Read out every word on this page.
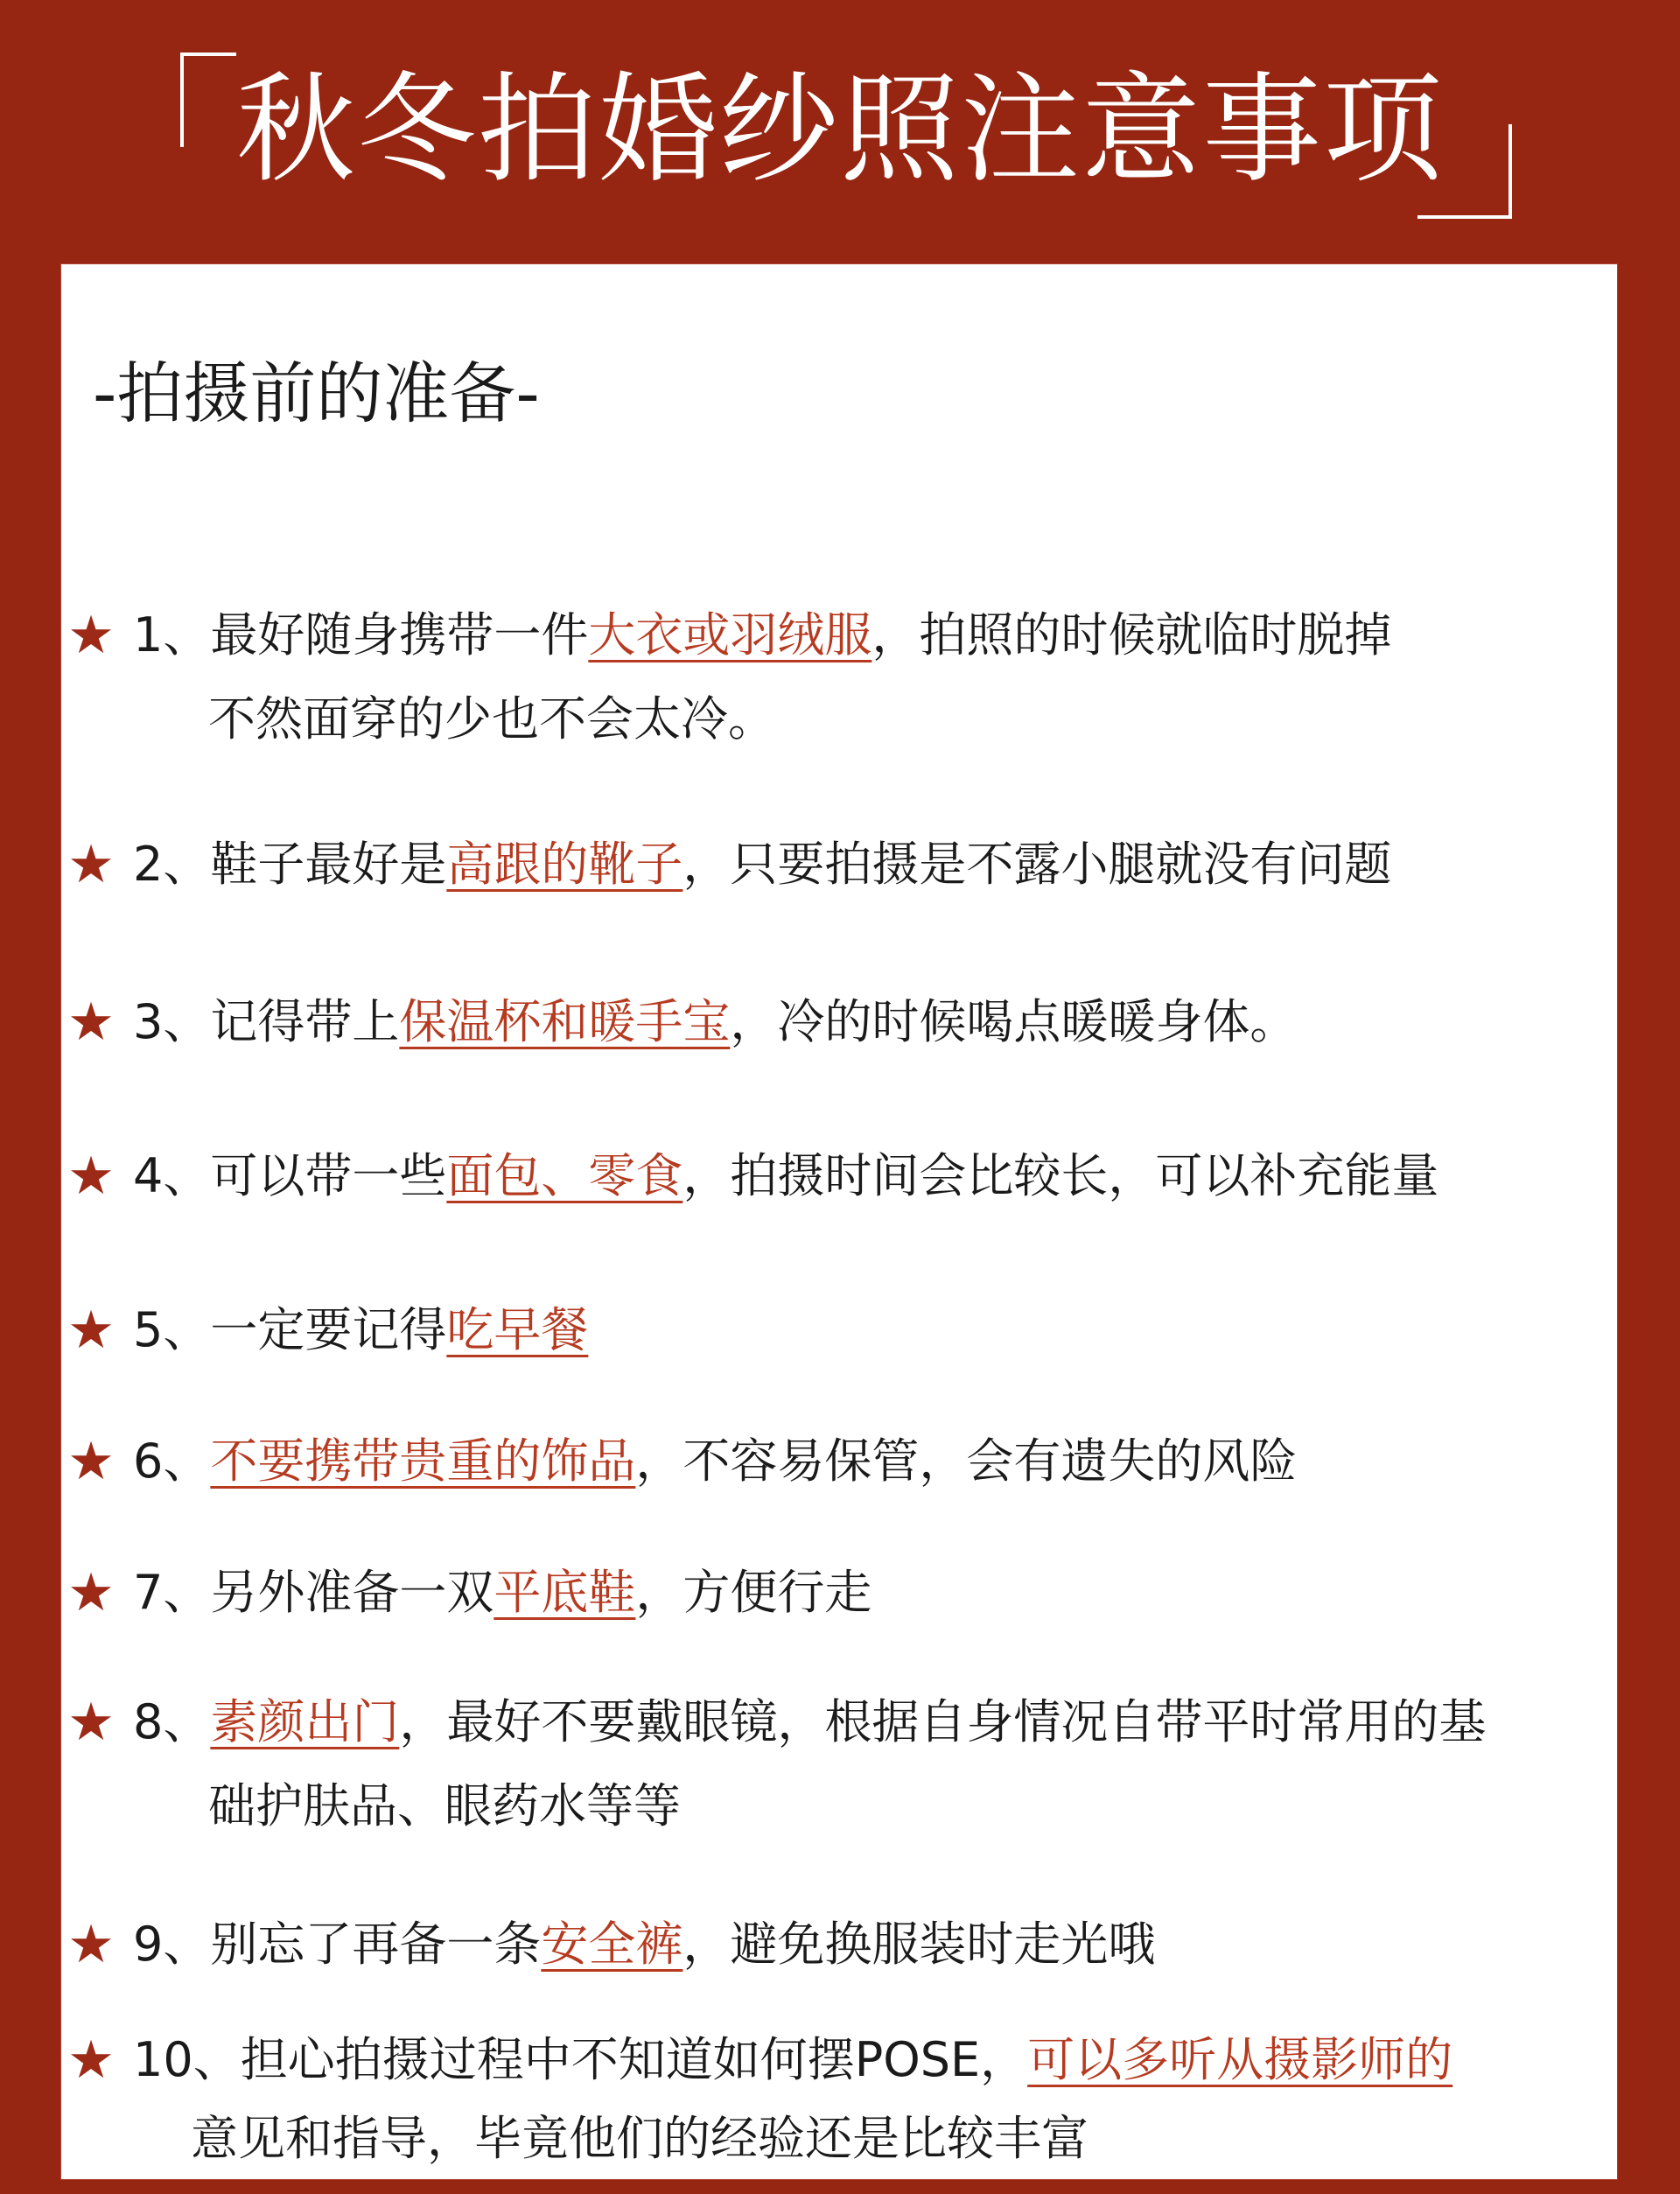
秋冬拍婚纱照注意事项
-拍摄前的准备-
★ 1、最好随身携带一件大衣或羽绒服，拍照的时候就临时脱掉
不然面穿的少也不会太冷。
★ 2、鞋子最好是高跟的靴子，只要拍摄是不露小腿就没有问题
★ 3、记得带上保温杯和暖手宝，冷的时候喝点暖暖身体。
★ 4、可以带一些面包、零食，拍摄时间会比较长，可以补充能量
★ 5、一定要记得吃早餐
★ 6、不要携带贵重的饰品，不容易保管，会有遗失的风险
★ 7、另外准备一双平底鞋，方便行走
★ 8、素颜出门，最好不要戴眼镜，根据自身情况自带平时常用的基
础护肤品、眼药水等等
★ 9、别忘了再备一条安全裤，避免换服装时走光哦
★ 10、担心拍摄过程中不知道如何摆POSE，可以多听从摄影师的
意见和指导，毕竟他们的经验还是比较丰富
